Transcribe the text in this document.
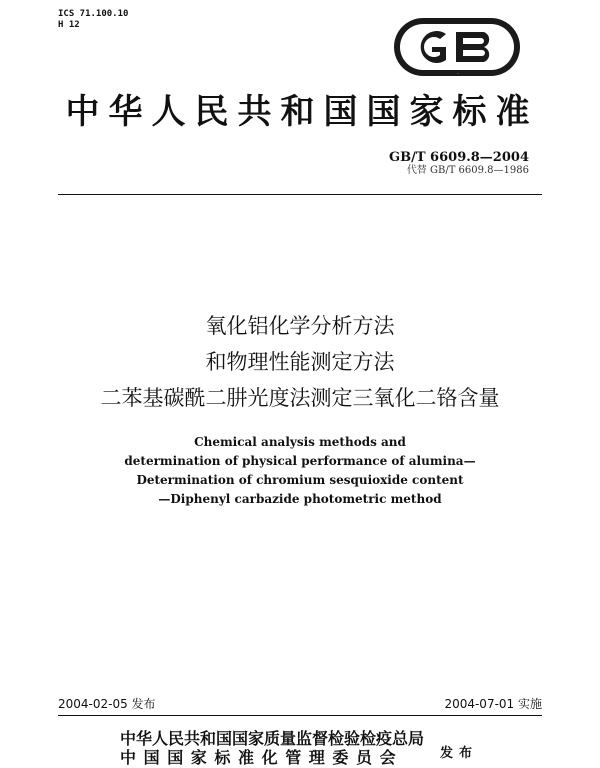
ICS 71.100.10
H 12
GB
中华人民共和国国家标准
GB/T 6609.8—2004
代替 GB/T 6609.8—1986
氧化铝化学分析方法
和物理性能测定方法
二苯基碳酰二肼光度法测定三氧化二铬含量
Chemical analysis methods and
determination of physical performance of alumina—
Determination of chromium sesquioxide content
—Diphenyl carbazide photometric method
2004-02-05 发布	2004-07-01 实施
中华人民共和国国家质量监督检验检疫总局
中国国家标准化管理委员会	发布
